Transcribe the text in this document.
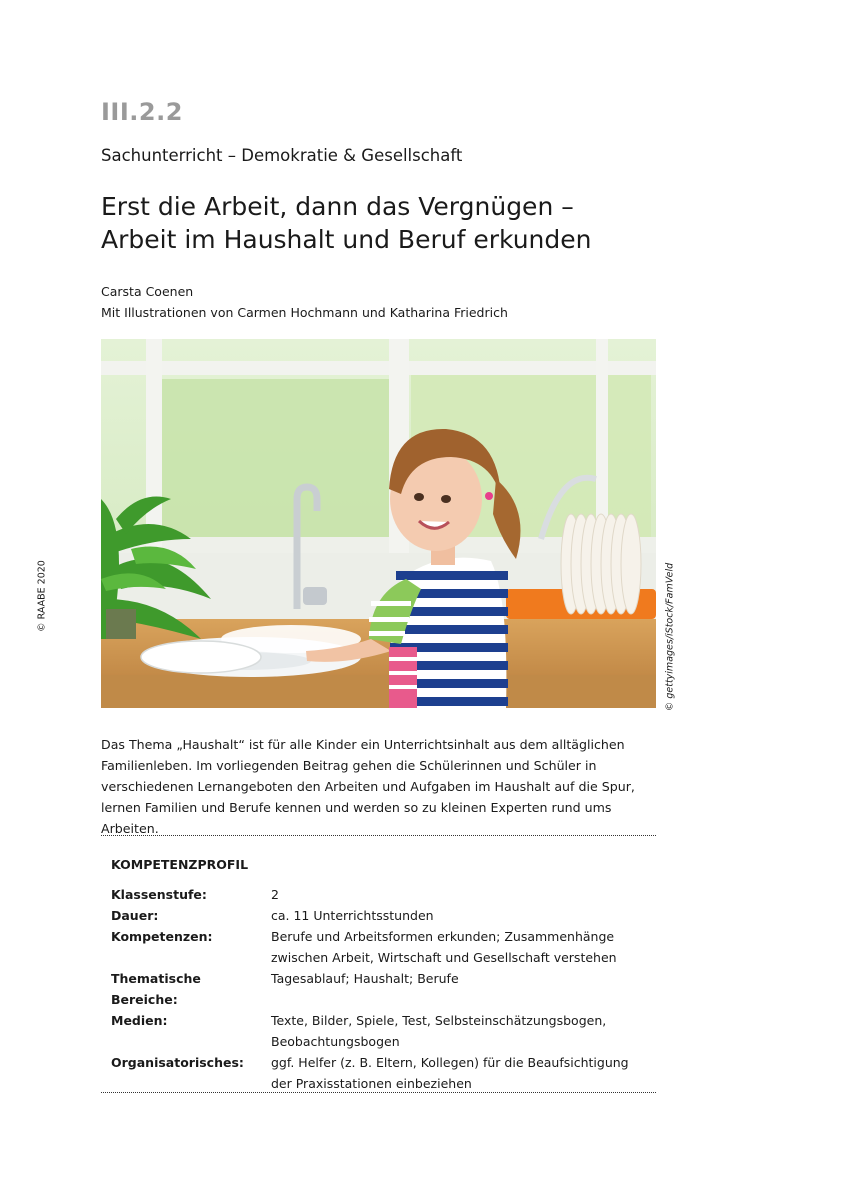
III.2.2
Sachunterricht – Demokratie & Gesellschaft
Erst die Arbeit, dann das Vergnügen –
Arbeit im Haushalt und Beruf erkunden
Carsta Coenen
Mit Illustrationen von Carmen Hochmann und Katharina Friedrich
© RAABE 2020	© gettyimages/iStock/FamVeld

Das Thema „Haushalt“ ist für alle Kinder ein Unterrichtsinhalt aus dem alltäglichen Familienleben. Im vorliegenden Beitrag gehen die Schülerinnen und Schüler in verschiedenen Lernangeboten den Arbeiten und Aufgaben im Haushalt auf die Spur, lernen Familien und Berufe kennen und werden so zu kleinen Experten rund ums Arbeiten.

KOMPETENZPROFIL
Klassenstufe:	2
Dauer:	ca. 11 Unterrichtsstunden
Kompetenzen:	Berufe und Arbeitsformen erkunden; Zusammenhänge zwischen Arbeit, Wirtschaft und Gesellschaft verstehen
Thematische Bereiche:
Tagesablauf; Haushalt; Berufe
Medien:	Texte, Bilder, Spiele, Test, Selbsteinschätzungsbogen, Beobachtungsbogen
Organisatorisches:	ggf. Helfer (z. B. Eltern, Kollegen) für die Beaufsichtigung der Praxisstationen einbeziehen
